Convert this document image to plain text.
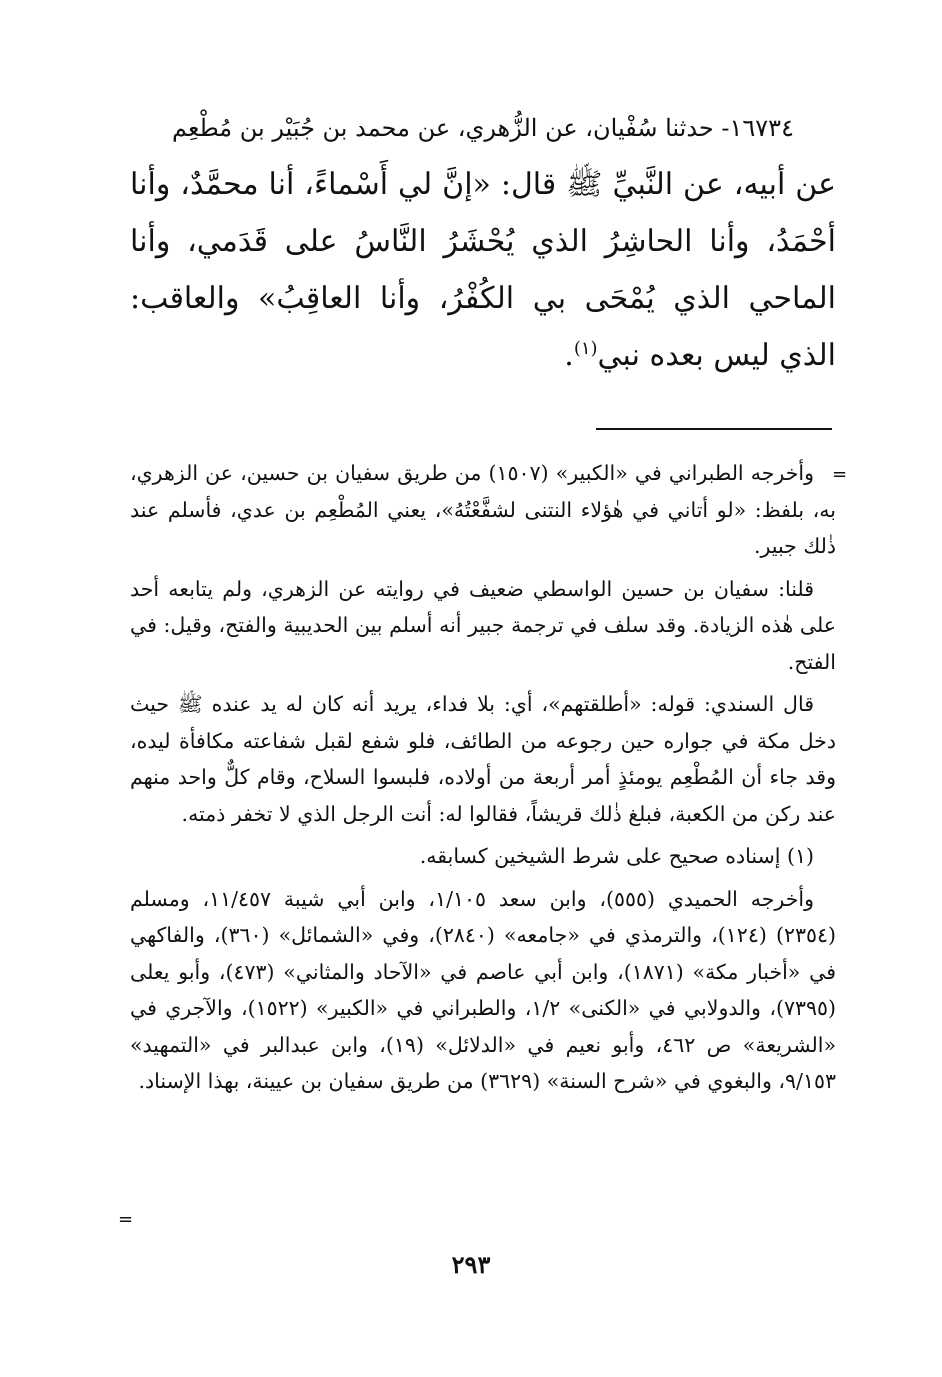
١٦٧٣٤- حدثنا سُفْيان، عن الزُّهري، عن محمد بن جُبَيْر بن مُطْعِم
عن أبيه، عن النَّبيِّ ﷺ قال: «إنَّ لي أَسْماءً، أنا محمَّدٌ، وأنا أحْمَدُ، وأنا الحاشِرُ الذي يُحْشَرُ النَّاسُ على قَدَمي، وأنا الماحي الذي يُمْحَى بي الكُفْرُ، وأنا العاقِبُ» والعاقب: الذي ليس بعده نبي$^{(١)}$.
=

وأخرجه الطبراني في «الكبير» (١٥٠٧) من طريق سفيان بن حسين، عن الزهري، به، بلفظ: «لو أتاني في هٰؤلاء النتنى لشفَّعْتُهُ»، يعني المُطْعِم بن عدي، فأسلم عند ذٰلك جبير.

قلنا: سفيان بن حسين الواسطي ضعيف في روايته عن الزهري، ولم يتابعه أحد على هٰذه الزيادة. وقد سلف في ترجمة جبير أنه أسلم بين الحديبية والفتح، وقيل: في الفتح.

قال السندي: قوله: «أطلقتهم»، أي: بلا فداء، يريد أنه كان له يد عنده ﷺ حيث دخل مكة في جواره حين رجوعه من الطائف، فلو شفع لقبل شفاعته مكافأة ليده، وقد جاء أن المُطْعِم يومئذٍ أمر أربعة من أولاده، فلبسوا السلاح، وقام كلٌّ واحد منهم عند ركن من الكعبة، فبلغ ذٰلك قريشاً، فقالوا له: أنت الرجل الذي لا تخفر ذمته.

(١) إسناده صحيح على شرط الشيخين كسابقه.

وأخرجه الحميدي (٥٥٥)، وابن سعد ١/١٠٥، وابن أبي شيبة ١١/٤٥٧، ومسلم (٢٣٥٤) (١٢٤)، والترمذي في «جامعه» (٢٨٤٠)، وفي «الشمائل» (٣٦٠)، والفاكهي في «أخبار مكة» (١٨٧١)، وابن أبي عاصم في «الآحاد والمثاني» (٤٧٣)، وأبو يعلى (٧٣٩٥)، والدولابي في «الكنى» ١/٢، والطبراني في «الكبير» (١٥٢٢)، والآجري في «الشريعة» ص ٤٦٢، وأبو نعيم في «الدلائل» (١٩)، وابن عبدالبر في «التمهيد» ٩/١٥٣، والبغوي في «شرح السنة» (٣٦٢٩) من طريق سفيان بن عيينة، بهذا الإسناد.

=
٢٩٣
